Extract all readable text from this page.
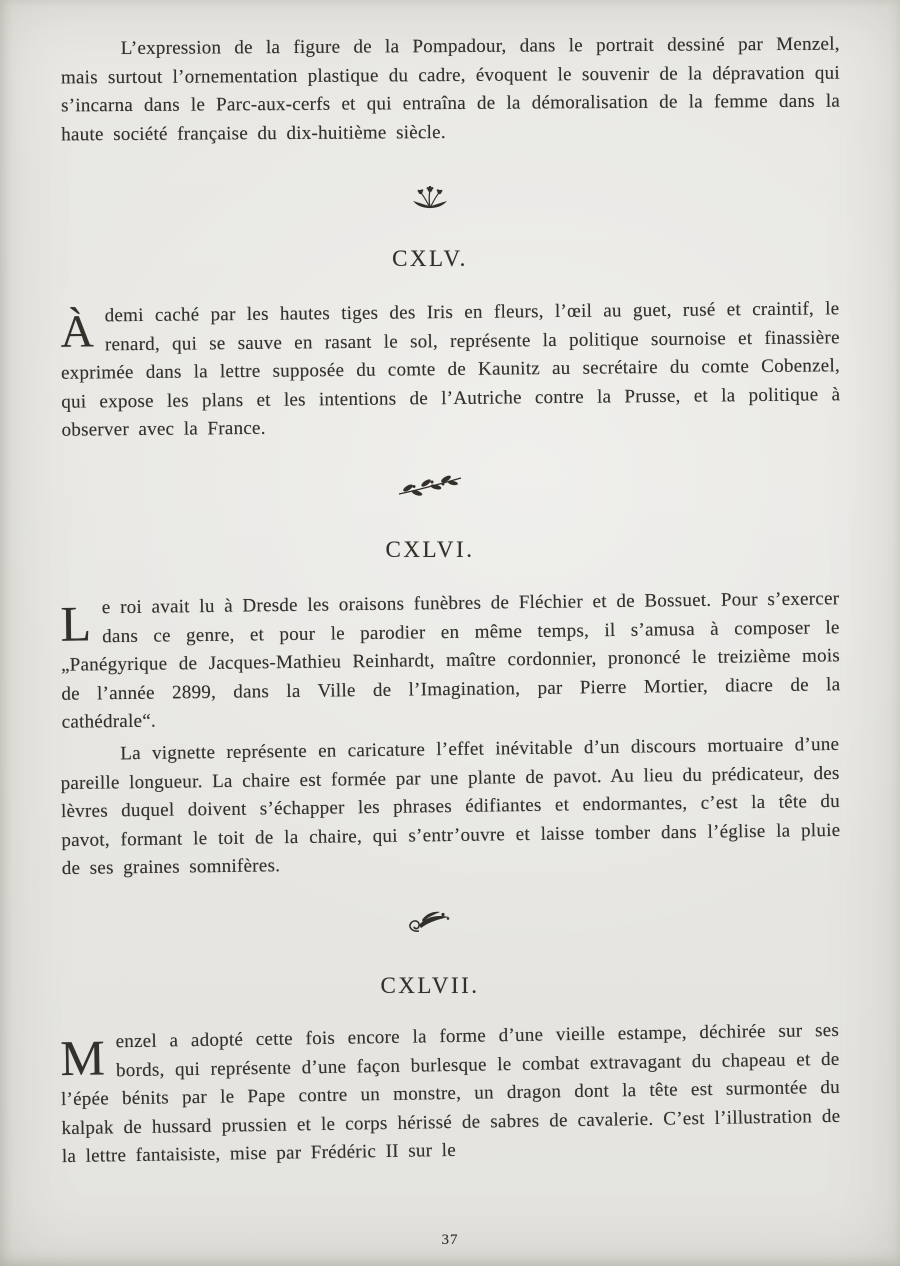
L’expression de la figure de la Pompadour, dans le portrait dessiné par Menzel, mais surtout l’ornementation plastique du cadre, évoquent le souvenir de la dépravation qui s’incarna dans le Parc-aux-cerfs et qui entraîna de la démoralisation de la femme dans la haute société française du dix-huitième siècle.

CXLV.

Àdemi caché par les hautes tiges des Iris en fleurs, l’œil au guet, rusé et craintif, le renard, qui se sauve en rasant le sol, représente la politique sournoise et finassière exprimée dans la lettre supposée du comte de Kaunitz au secrétaire du comte Cobenzel, qui expose les plans et les intentions de l’Autriche contre la Prusse, et la politique à observer avec la France.

CXLVI.

Le roi avait lu à Dresde les oraisons funèbres de Fléchier et de Bossuet. Pour s’exercer dans ce genre, et pour le parodier en même temps, il s’amusa à composer le „Panégyrique de Jacques-Mathieu Reinhardt, maître cordonnier, prononcé le treizième mois de l’année 2899, dans la Ville de l’Imagination, par Pierre Mortier, diacre de la cathédrale“.

La vignette représente en caricature l’effet inévitable d’un discours mortuaire d’une pareille longueur. La chaire est formée par une plante de pavot. Au lieu du prédicateur, des lèvres duquel doivent s’échapper les phrases édifiantes et endormantes, c’est la tête du pavot, formant le toit de la chaire, qui s’entr’ouvre et laisse tomber dans l’église la pluie de ses graines somnifères.

CXLVII.

Menzel a adopté cette fois encore la forme d’une vieille estampe, déchirée sur ses bords, qui représente d’une façon burlesque le combat extravagant du chapeau et de l’épée bénits par le Pape contre un monstre, un dragon dont la tête est surmontée du kalpak de hussard prussien et le corps hérissé de sabres de cavalerie. C’est l’illustration de la lettre fantaisiste, mise par Frédéric II sur le

37
